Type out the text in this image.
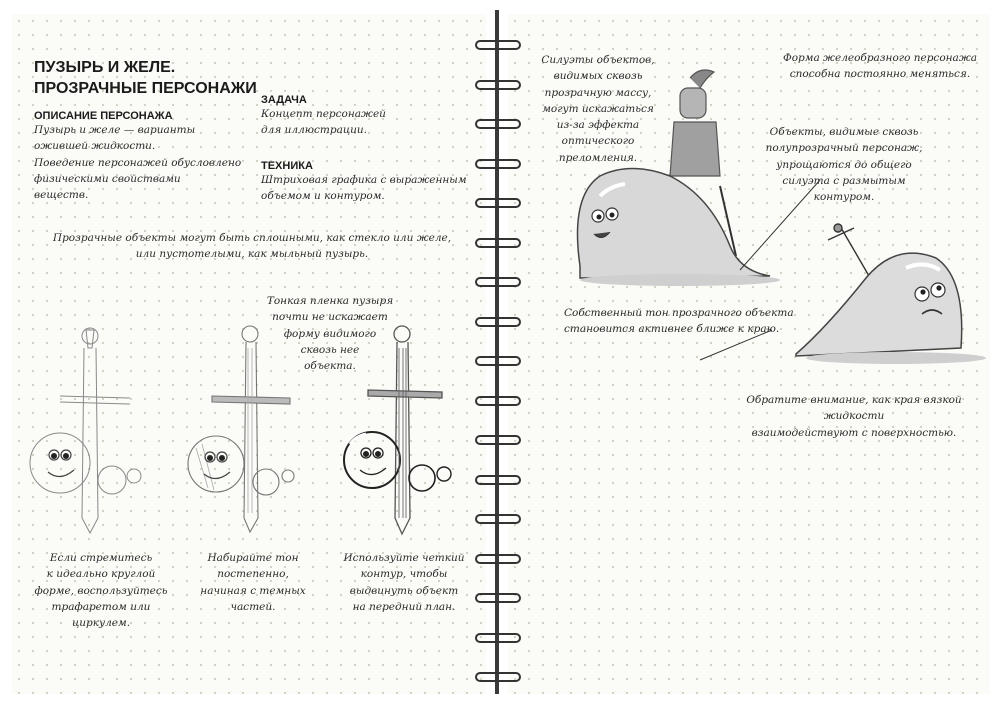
ПУЗЫРЬ И ЖЕЛЕ.

ПРОЗРАЧНЫЕ ПЕРСОНАЖИ

ОПИСАНИЕ ПЕРСОНАЖА
Пузырь и желе — варианты
ожившей жидкости.
Поведение персонажей обусловлено
физическими свойствами
веществ.
ЗАДАЧА
Концепт персонажей
для иллюстрации.
ТЕХНИКА
Штриховая графика с выраженным
объемом и контуром.
Прозрачные объекты могут быть сплошными, как стекло или желе,
или пустотелыми, как мыльный пузырь.
Тонкая пленка пузыря
почти не искажает
форму видимого
сквозь нее
объекта.
Если стремитесь
к идеально круглой
форме, воспользуйтесь
трафаретом или
циркулем.
Набирайте тон
постепенно,
начиная с темных
частей.
Используйте четкий
контур, чтобы
выдвинуть объект
на передний план.
Силуэты объектов,
видимых сквозь
прозрачную массу,
могут искажаться
из-за эффекта
оптического
преломления.
Форма желеобразного персонажа
способна постоянно меняться.
Объекты, видимые сквозь
полупрозрачный персонаж,
упрощаются до общего
силуэта с размытым
контуром.
Собственный тон прозрачного объекта становится активнее ближе к краю.
Обратите внимание, как края вязкой жидкости
взаимодействуют с поверхностью.
